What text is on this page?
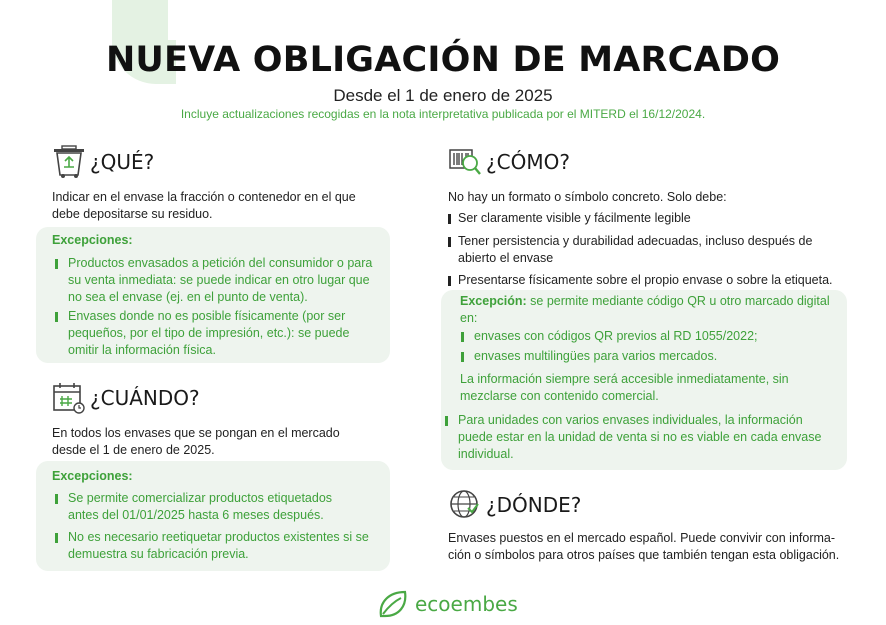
NUEVA OBLIGACIÓN DE MARCADO
Desde el 1 de enero de 2025
Incluye actualizaciones recogidas en la nota interpretativa publicada por el MITERD el 16/12/2024.
¿QUÉ?
Indicar en el envase la fracción o contenedor en el que debe depositarse su residuo.
Excepciones:
Productos envasados a petición del consumidor o para su venta inmediata: se puede indicar en otro lugar que no sea el envase (ej. en el punto de venta).
Envases donde no es posible físicamente (por ser pequeños, por el tipo de impresión, etc.): se puede omitir la información física.
¿CUÁNDO?
En todos los envases que se pongan en el mercado desde el 1 de enero de 2025.
Excepciones:
Se permite comercializar productos etiquetados antes del 01/01/2025 hasta 6 meses después.
No es necesario reetiquetar productos existentes si se demuestra su fabricación previa.
¿CÓMO?
No hay un formato o símbolo concreto. Solo debe:
Ser claramente visible y fácilmente legible
Tener persistencia y durabilidad adecuadas, incluso después de abierto el envase
Presentarse físicamente sobre el propio envase o sobre la etiqueta.
Excepción: se permite mediante código QR u otro marcado digital en:
envases con códigos QR previos al RD 1055/2022;
envases multilingües para varios mercados.
La información siempre será accesible inmediatamente, sin mezclarse con contenido comercial.
Para unidades con varios envases individuales, la información puede estar en la unidad de venta si no es viable en cada envase individual.
¿DÓNDE?
Envases puestos en el mercado español. Puede convivir con información o símbolos para otros países que también tengan esta obligación.
ecoembes
